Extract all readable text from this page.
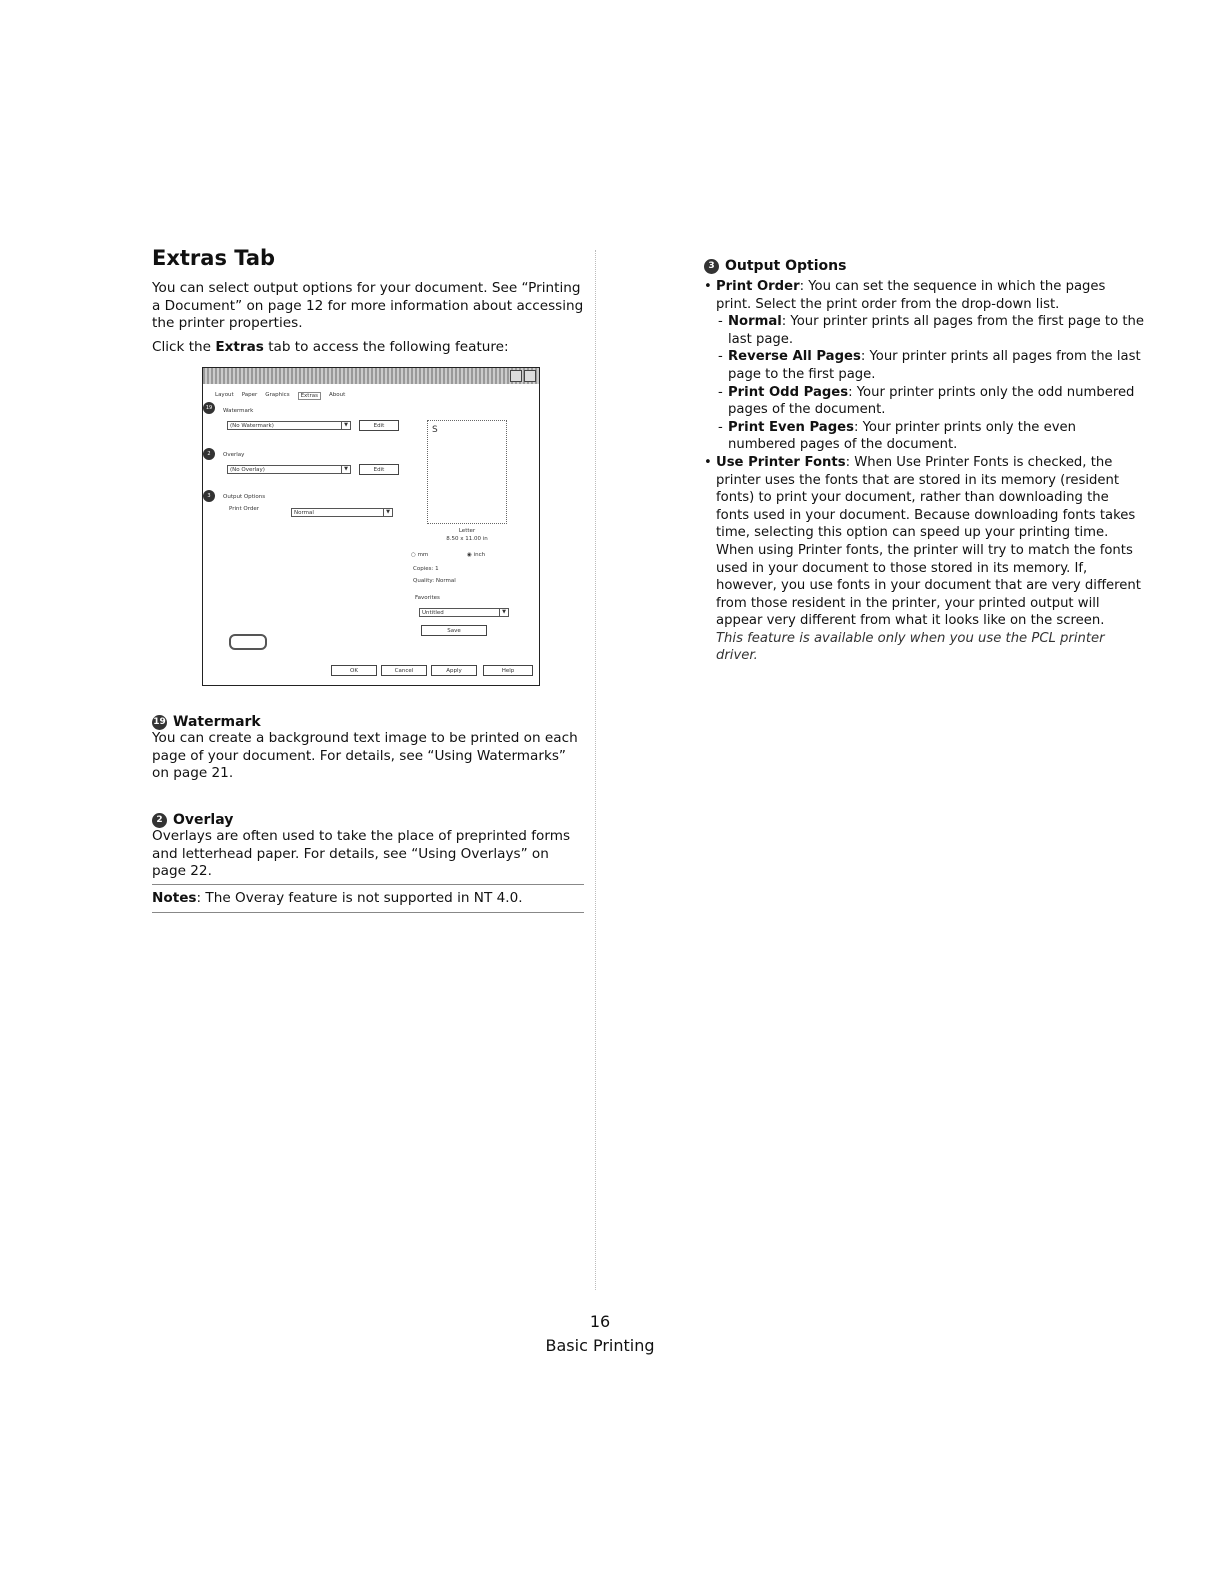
Extras Tab

You can select output options for your document. See “Printing a Document” on page 12 for more information about accessing the printer properties.

Click the Extras tab to access the following feature:

Layout Paper Graphics	Extras	About
19	Watermark
(No Watermark)	▼	Edit
2	Overlay
(No Overlay)	▼	Edit
3	Output Options
Print Order
Normal	▼
S
Letter
8.50 x 11.00 in
○ mm	◉ inch
Copies: 1
Quality: Normal
Favorites
Untitled	▼
Save
OK	Cancel	Apply	Help
19 Watermark

You can create a background text image to be printed on each page of your document. For details, see “Using Watermarks” on page 21.

2 Overlay

Overlays are often used to take the place of preprinted forms and letterhead paper. For details, see “Using Overlays” on page 22.

Notes: The Overay feature is not supported in NT 4.0.
3 Output Options
• Print Order: You can set the sequence in which the pages print. Select the print order from the drop-down list.
- Normal: Your printer prints all pages from the first page to the last page.
- Reverse All Pages: Your printer prints all pages from the last page to the first page.
- Print Odd Pages: Your printer prints only the odd numbered pages of the document.
- Print Even Pages: Your printer prints only the even numbered pages of the document.
• Use Printer Fonts: When Use Printer Fonts is checked, the printer uses the fonts that are stored in its memory (resident fonts) to print your document, rather than downloading the fonts used in your document. Because downloading fonts takes time, selecting this option can speed up your printing time. When using Printer fonts, the printer will try to match the fonts used in your document to those stored in its memory. If, however, you use fonts in your document that are very different from those resident in the printer, your printed output will appear very different from what it looks like on the screen.
This feature is available only when you use the PCL printer driver.
16
Basic Printing
